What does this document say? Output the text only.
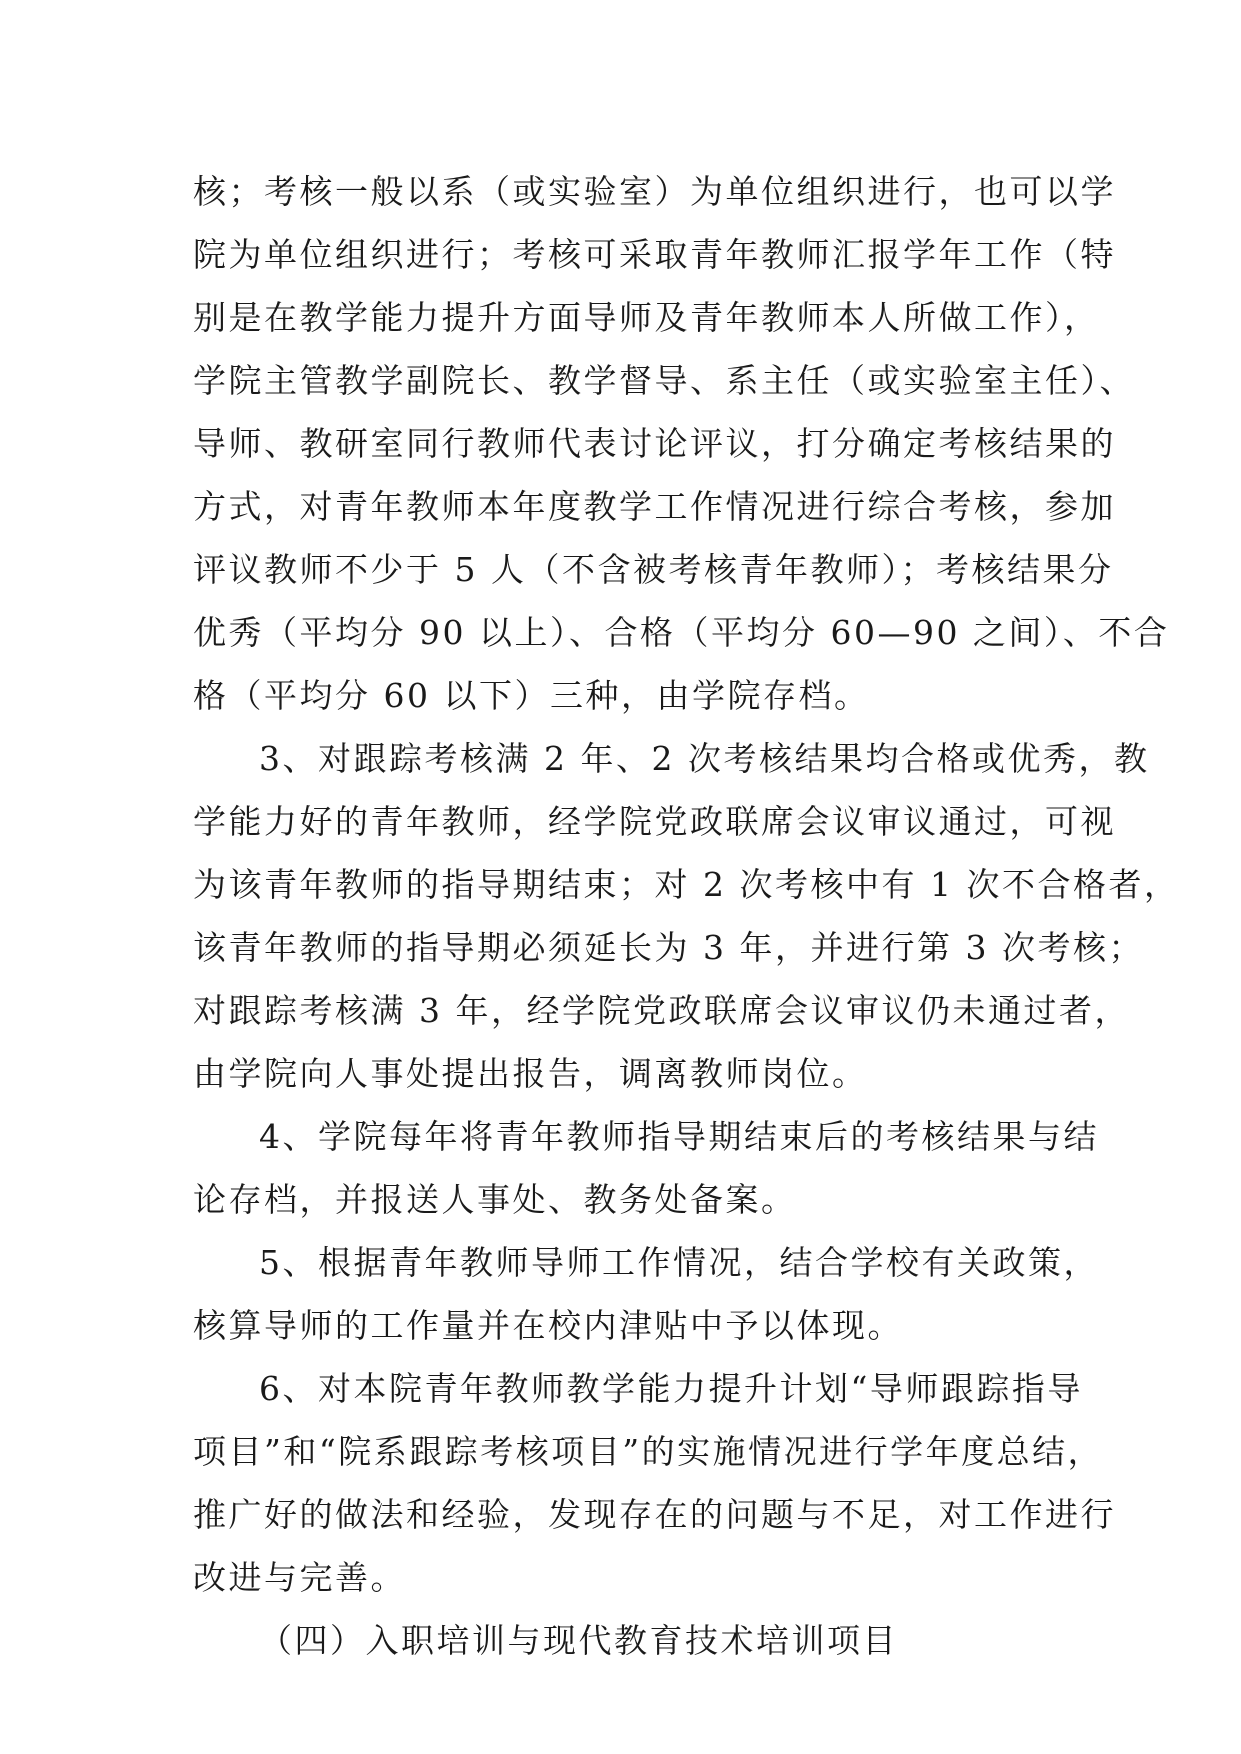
核；考核一般以系（或实验室）为单位组织进行，也可以学
院为单位组织进行；考核可采取青年教师汇报学年工作（特
别是在教学能力提升方面导师及青年教师本人所做工作），
学院主管教学副院长、教学督导、系主任（或实验室主任）、
导师、教研室同行教师代表讨论评议，打分确定考核结果的
方式，对青年教师本年度教学工作情况进行综合考核，参加
评议教师不少于 5 人（不含被考核青年教师）；考核结果分
优秀（平均分 90 以上）、合格（平均分 60—90 之间）、不合
格（平均分 60 以下）三种，由学院存档。
3、对跟踪考核满 2 年、2 次考核结果均合格或优秀，教
学能力好的青年教师，经学院党政联席会议审议通过，可视
为该青年教师的指导期结束；对 2 次考核中有 1 次不合格者，
该青年教师的指导期必须延长为 3 年，并进行第 3 次考核；
对跟踪考核满 3 年，经学院党政联席会议审议仍未通过者，
由学院向人事处提出报告，调离教师岗位。
4、学院每年将青年教师指导期结束后的考核结果与结
论存档，并报送人事处、教务处备案。
5、根据青年教师导师工作情况，结合学校有关政策，
核算导师的工作量并在校内津贴中予以体现。
6、对本院青年教师教学能力提升计划“导师跟踪指导
项目”和“院系跟踪考核项目”的实施情况进行学年度总结，
推广好的做法和经验，发现存在的问题与不足，对工作进行
改进与完善。
（四）入职培训与现代教育技术培训项目
